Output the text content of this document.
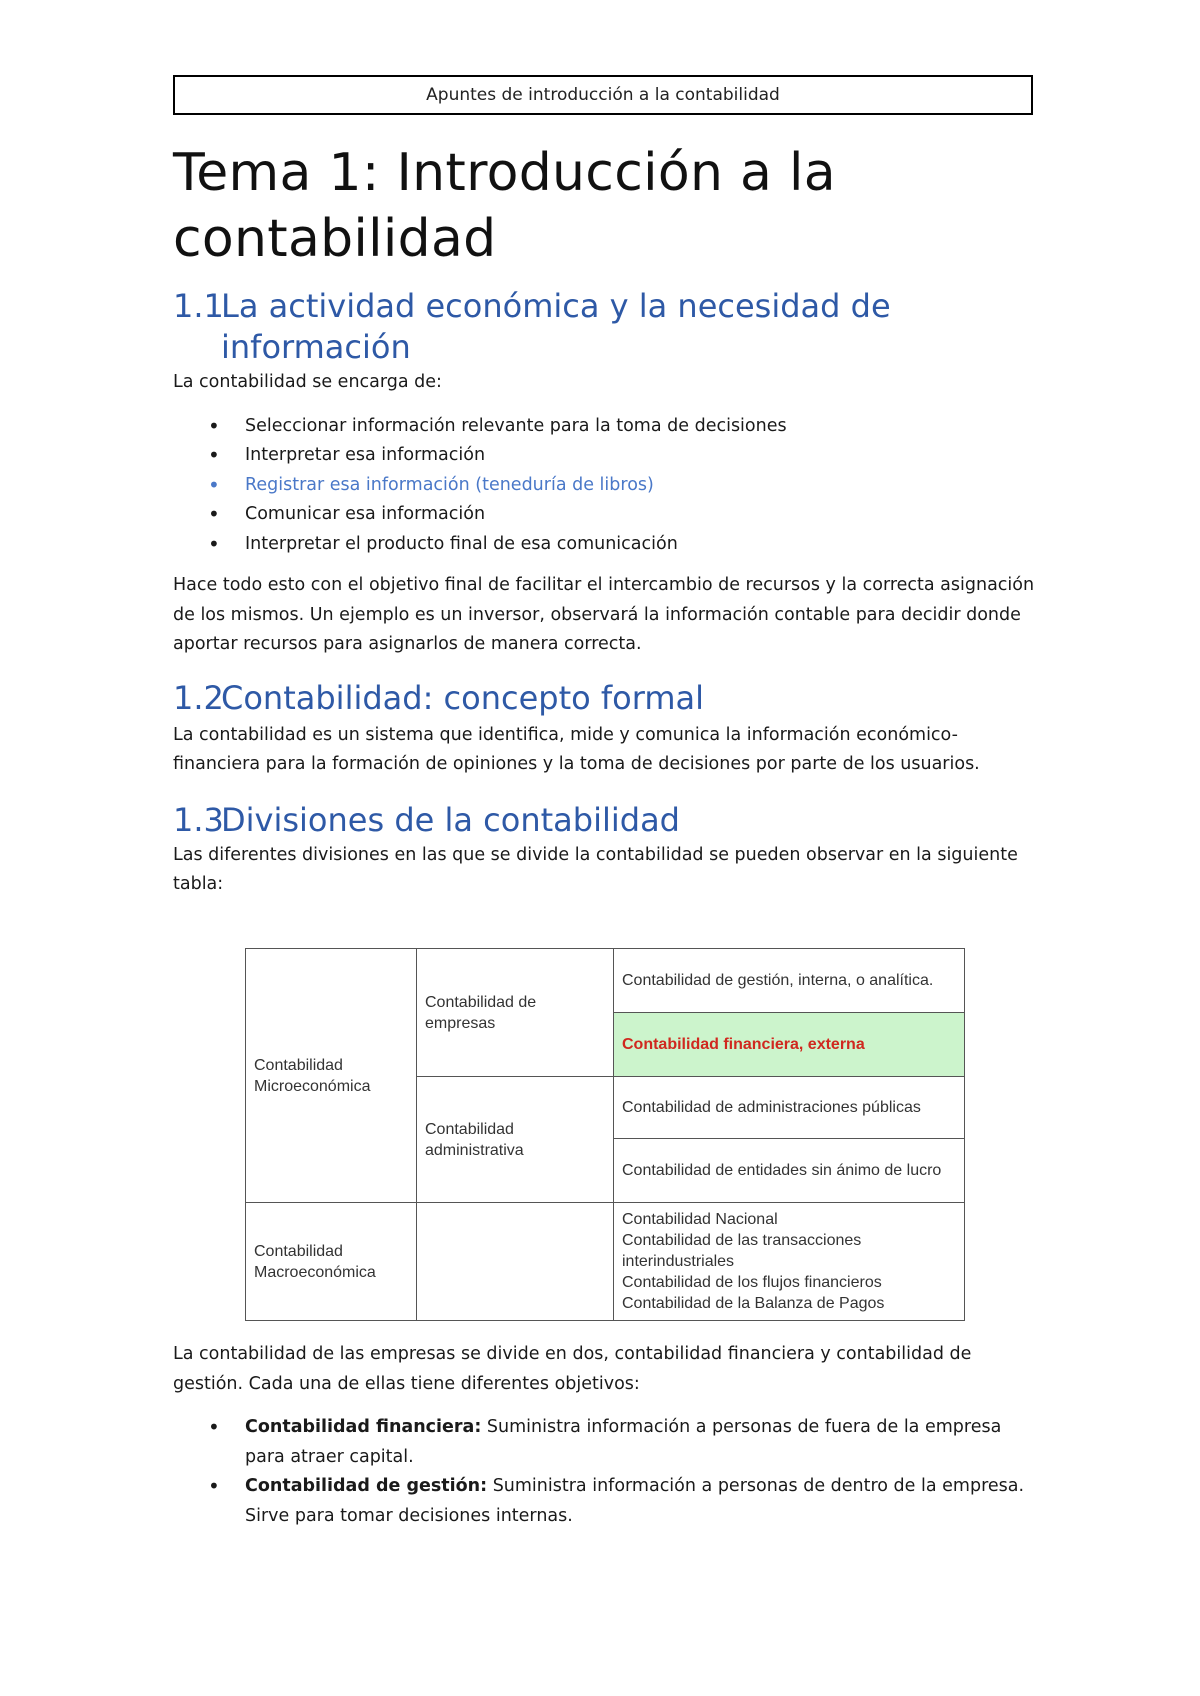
Apuntes de introducción a la contabilidad
Tema 1: Introducción a la contabilidad
1.1
La actividad económica y la necesidad de información

La contabilidad se encarga de:

• Seleccionar información relevante para la toma de decisiones
• Interpretar esa información
• Registrar esa información (teneduría de libros)
• Comunicar esa información
• Interpretar el producto final de esa comunicación

Hace todo esto con el objetivo final de facilitar el intercambio de recursos y la correcta asignación de los mismos. Un ejemplo es un inversor, observará la información contable para decidir donde aportar recursos para asignarlos de manera correcta.

1.2
Contabilidad: concepto formal

La contabilidad es un sistema que identifica, mide y comunica la información económico-financiera para la formación de opiniones y la toma de decisiones por parte de los usuarios.

1.3
Divisiones de la contabilidad

Las diferentes divisiones en las que se divide la contabilidad se pueden observar en la siguiente tabla:

Contabilidad Microeconómica	Contabilidad de empresas	Contabilidad de gestión, interna, o analítica.
		Contabilidad financiera, externa
	Contabilidad administrativa	Contabilidad de administraciones públicas
		Contabilidad de entidades sin ánimo de lucro
Contabilidad Macroeconómica		Contabilidad Nacional
Contabilidad de las transacciones interindustriales
Contabilidad de los flujos financieros
Contabilidad de la Balanza de Pagos

La contabilidad de las empresas se divide en dos, contabilidad financiera y contabilidad de gestión. Cada una de ellas tiene diferentes objetivos:

• Contabilidad financiera: Suministra información a personas de fuera de la empresa para atraer capital.
• Contabilidad de gestión: Suministra información a personas de dentro de la empresa. Sirve para tomar decisiones internas.
